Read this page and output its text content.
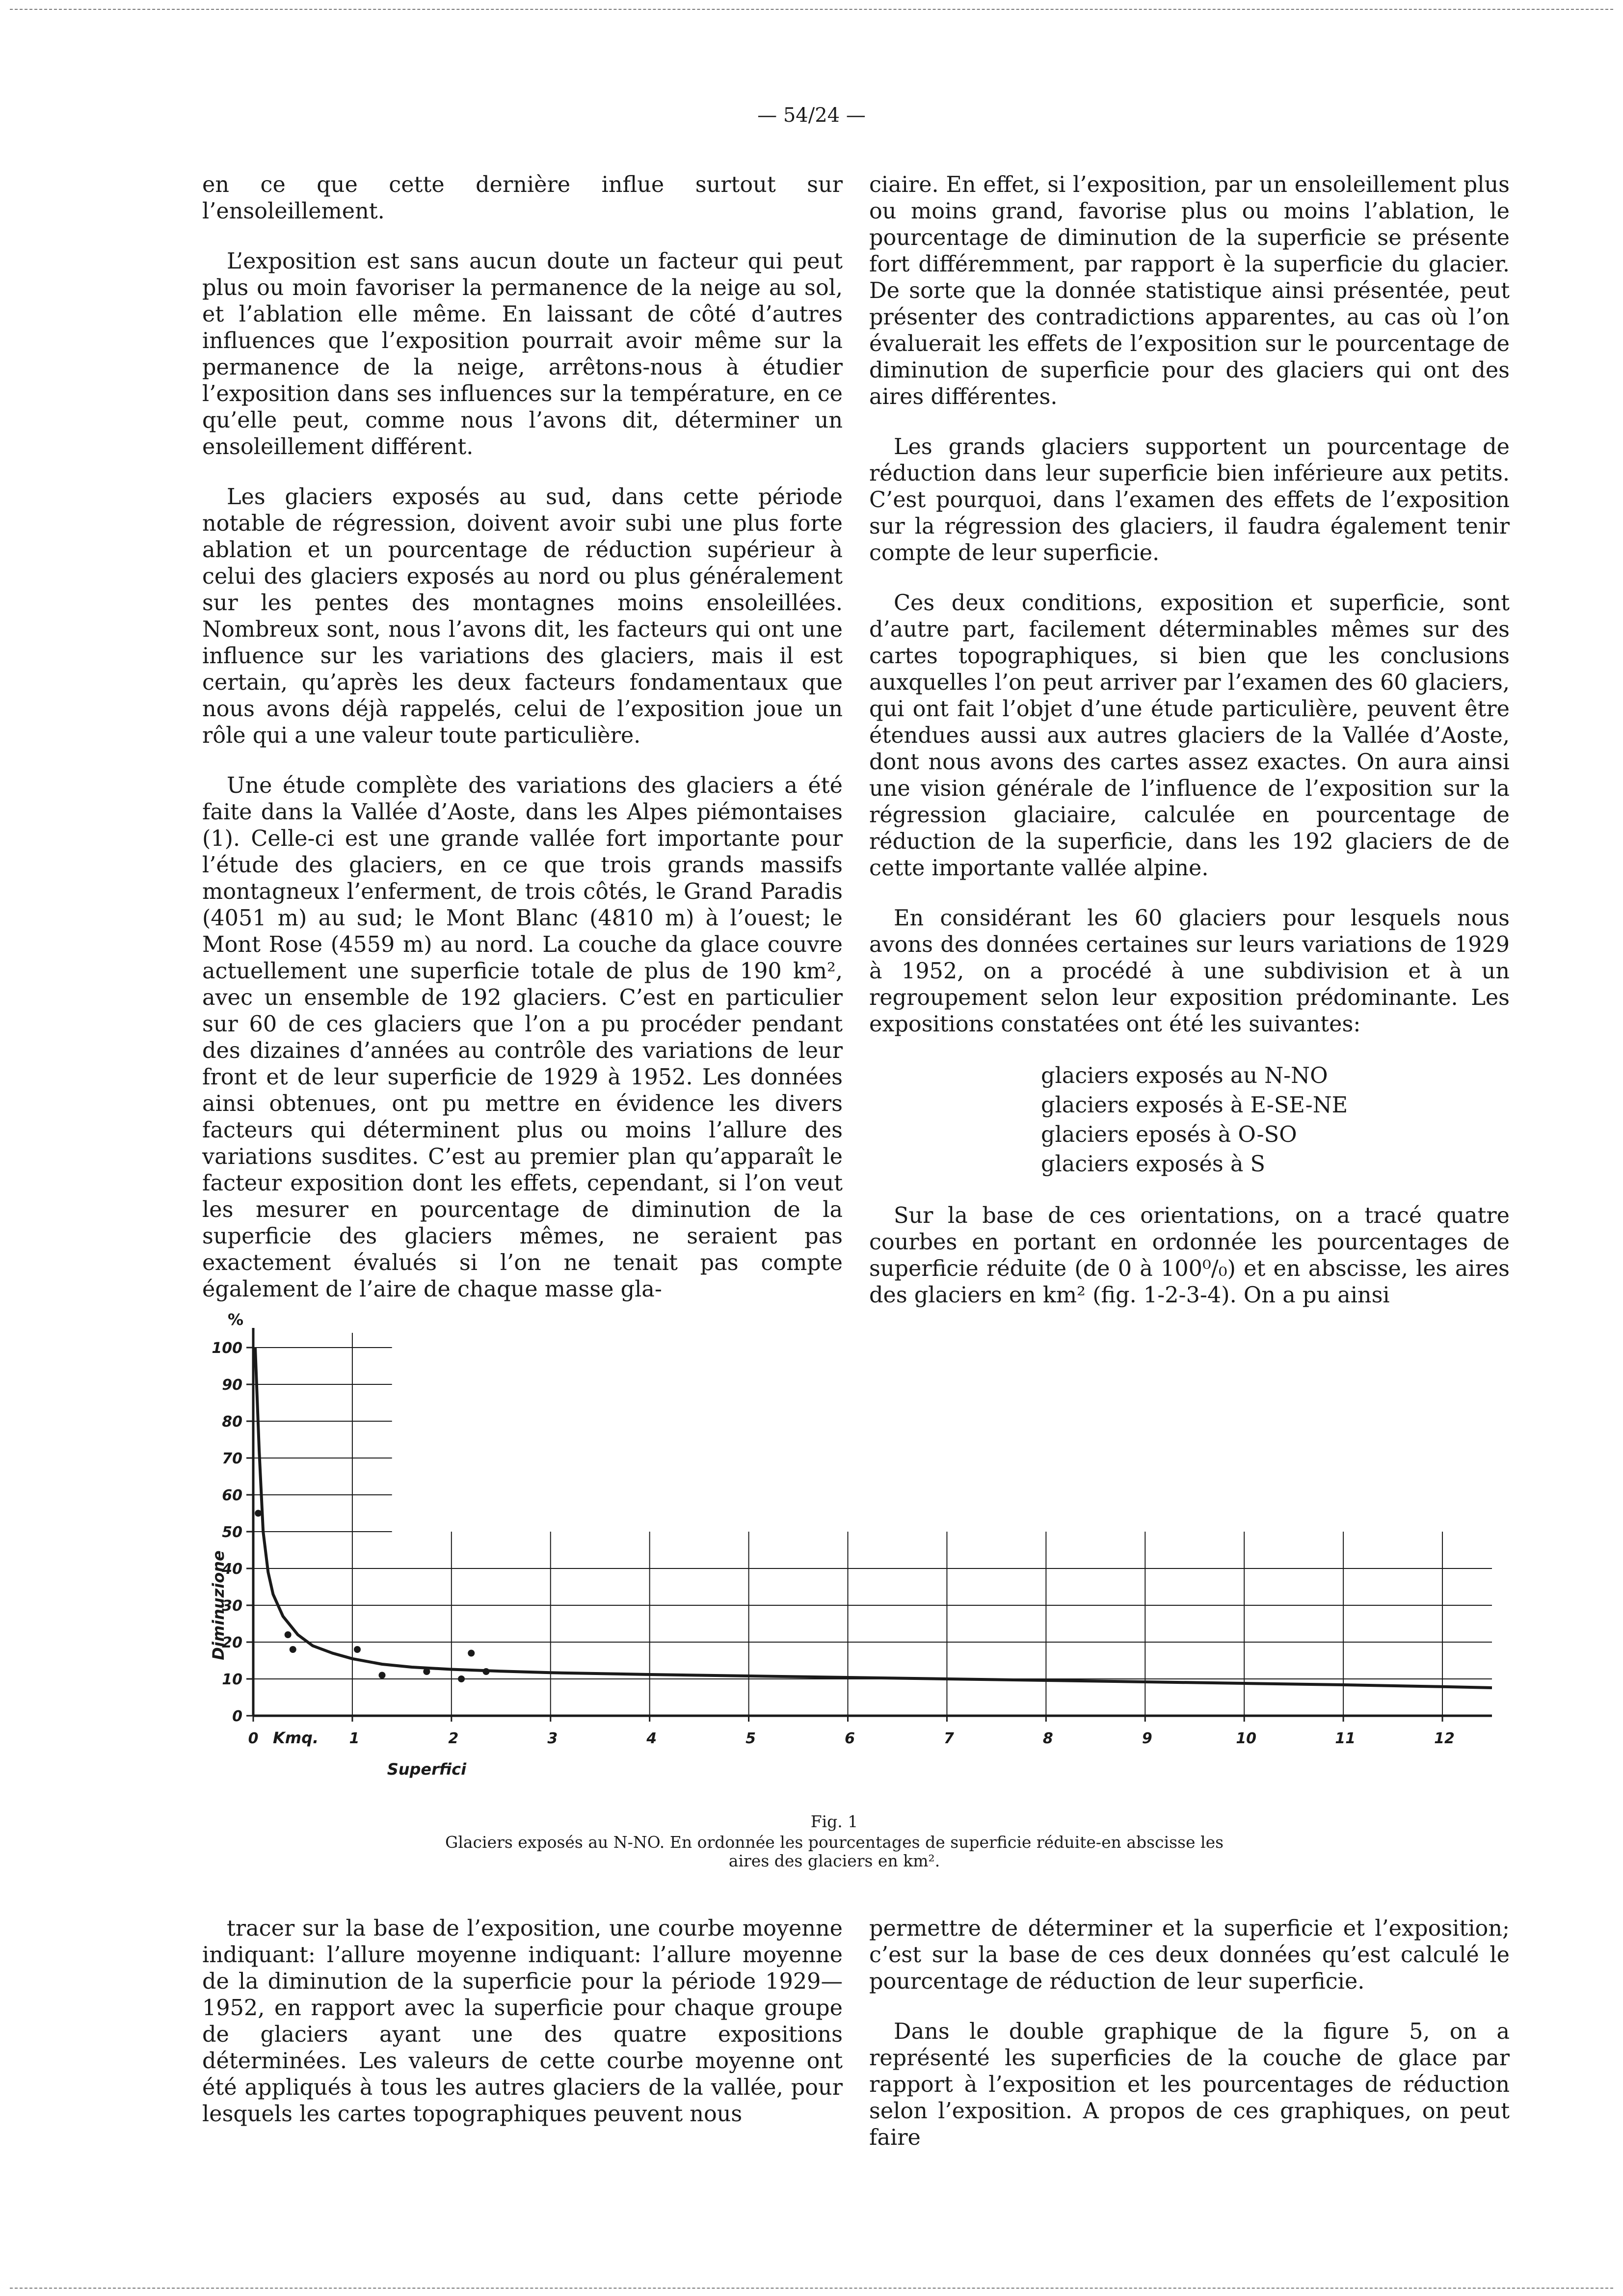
— 54/24 —

en ce que cette dernière influe surtout sur l’ensoleillement.

L’exposition est sans aucun doute un facteur qui peut plus ou moin favoriser la permanence de la neige au sol, et l’ablation elle même. En laissant de côté d’autres influences que l’exposition pourrait avoir même sur la permanence de la neige, arrêtons-nous à étudier l’exposition dans ses influences sur la température, en ce qu’elle peut, comme nous l’avons dit, déterminer un ensoleillement différent.

Les glaciers exposés au sud, dans cette période notable de régression, doivent avoir subi une plus forte ablation et un pourcentage de réduction supérieur à celui des glaciers exposés au nord ou plus généralement sur les pentes des montagnes moins ensoleillées. Nombreux sont, nous l’avons dit, les facteurs qui ont une influence sur les variations des glaciers, mais il est certain, qu’après les deux facteurs fondamentaux que nous avons déjà rappelés, celui de l’exposition joue un rôle qui a une valeur toute particulière.

Une étude complète des variations des glaciers a été faite dans la Vallée d’Aoste, dans les Alpes piémontaises (1). Celle-ci est une grande vallée fort importante pour l’étude des glaciers, en ce que trois grands massifs montagneux l’enferment, de trois côtés, le Grand Paradis (4051 m) au sud; le Mont Blanc (4810 m) à l’ouest; le Mont Rose (4559 m) au nord. La couche da glace couvre actuellement une superficie totale de plus de 190 km², avec un ensemble de 192 glaciers. C’est en particulier sur 60 de ces glaciers que l’on a pu procéder pendant des dizaines d’années au contrôle des variations de leur front et de leur superficie de 1929 à 1952. Les données ainsi obtenues, ont pu mettre en évidence les divers facteurs qui déterminent plus ou moins l’allure des variations susdites. C’est au premier plan qu’apparaît le facteur exposition dont les effets, cependant, si l’on veut les mesurer en pourcentage de diminution de la superficie des glaciers mêmes, ne seraient pas exactement évalués si l’on ne tenait pas compte également de l’aire de chaque masse gla-

ciaire. En effet, si l’exposition, par un ensoleillement plus ou moins grand, favorise plus ou moins l’ablation, le pourcentage de diminution de la superficie se présente fort différemment, par rapport è la superficie du glacier. De sorte que la donnée statistique ainsi présentée, peut présenter des contradictions apparentes, au cas où l’on évaluerait les effets de l’exposition sur le pourcentage de diminution de superficie pour des glaciers qui ont des aires différentes.

Les grands glaciers supportent un pourcentage de réduction dans leur superficie bien inférieure aux petits. C’est pourquoi, dans l’examen des effets de l’exposition sur la régression des glaciers, il faudra également tenir compte de leur superficie.

Ces deux conditions, exposition et superficie, sont d’autre part, facilement déterminables mêmes sur des cartes topographiques, si bien que les conclusions auxquelles l’on peut arriver par l’examen des 60 glaciers, qui ont fait l’objet d’une étude particulière, peuvent être étendues aussi aux autres glaciers de la Vallée d’Aoste, dont nous avons des cartes assez exactes. On aura ainsi une vision générale de l’influence de l’exposition sur la régression glaciaire, calculée en pourcentage de réduction de la superficie, dans les 192 glaciers de de cette importante vallée alpine.

En considérant les 60 glaciers pour lesquels nous avons des données certaines sur leurs variations de 1929 à 1952, on a procédé à une subdivision et à un regroupement selon leur exposition prédominante. Les expositions constatées ont été les suivantes:

glaciers exposés au N-NO
glaciers exposés à E-SE-NE
glaciers eposés à O-SO
glaciers exposés à S

Sur la base de ces orientations, on a tracé quatre courbes en portant en ordonnée les pourcentages de superficie réduite (de 0 à 100⁰/₀) et en abscisse, les aires des glaciers en km² (fig. 1-2-3-4). On a pu ainsi

0
10
20
30
40
50
60
70
80
90
100
%
0	1	2	3	4	5	6	7	8	9	10	11	12
Kmq.
Superfici
Diminuzione
Fig. 1
Glaciers exposés au N-NO. En ordonnée les pourcentages de superficie réduite-en abscisse les aires des glaciers en km².

tracer sur la base de l’exposition, une courbe moyenne indiquant: l’allure moyenne indiquant: l’allure moyenne de la diminution de la superficie pour la période 1929—1952, en rapport avec la superficie pour chaque groupe de glaciers ayant une des quatre expositions déterminées. Les valeurs de cette courbe moyenne ont été appliqués à tous les autres glaciers de la vallée, pour lesquels les cartes topographiques peuvent nous

permettre de déterminer et la superficie et l’exposition; c’est sur la base de ces deux données qu’est calculé le pourcentage de réduction de leur superficie.

Dans le double graphique de la figure 5, on a représenté les superficies de la couche de glace par rapport à l’exposition et les pourcentages de réduction selon l’exposition. A propos de ces graphiques, on peut faire
